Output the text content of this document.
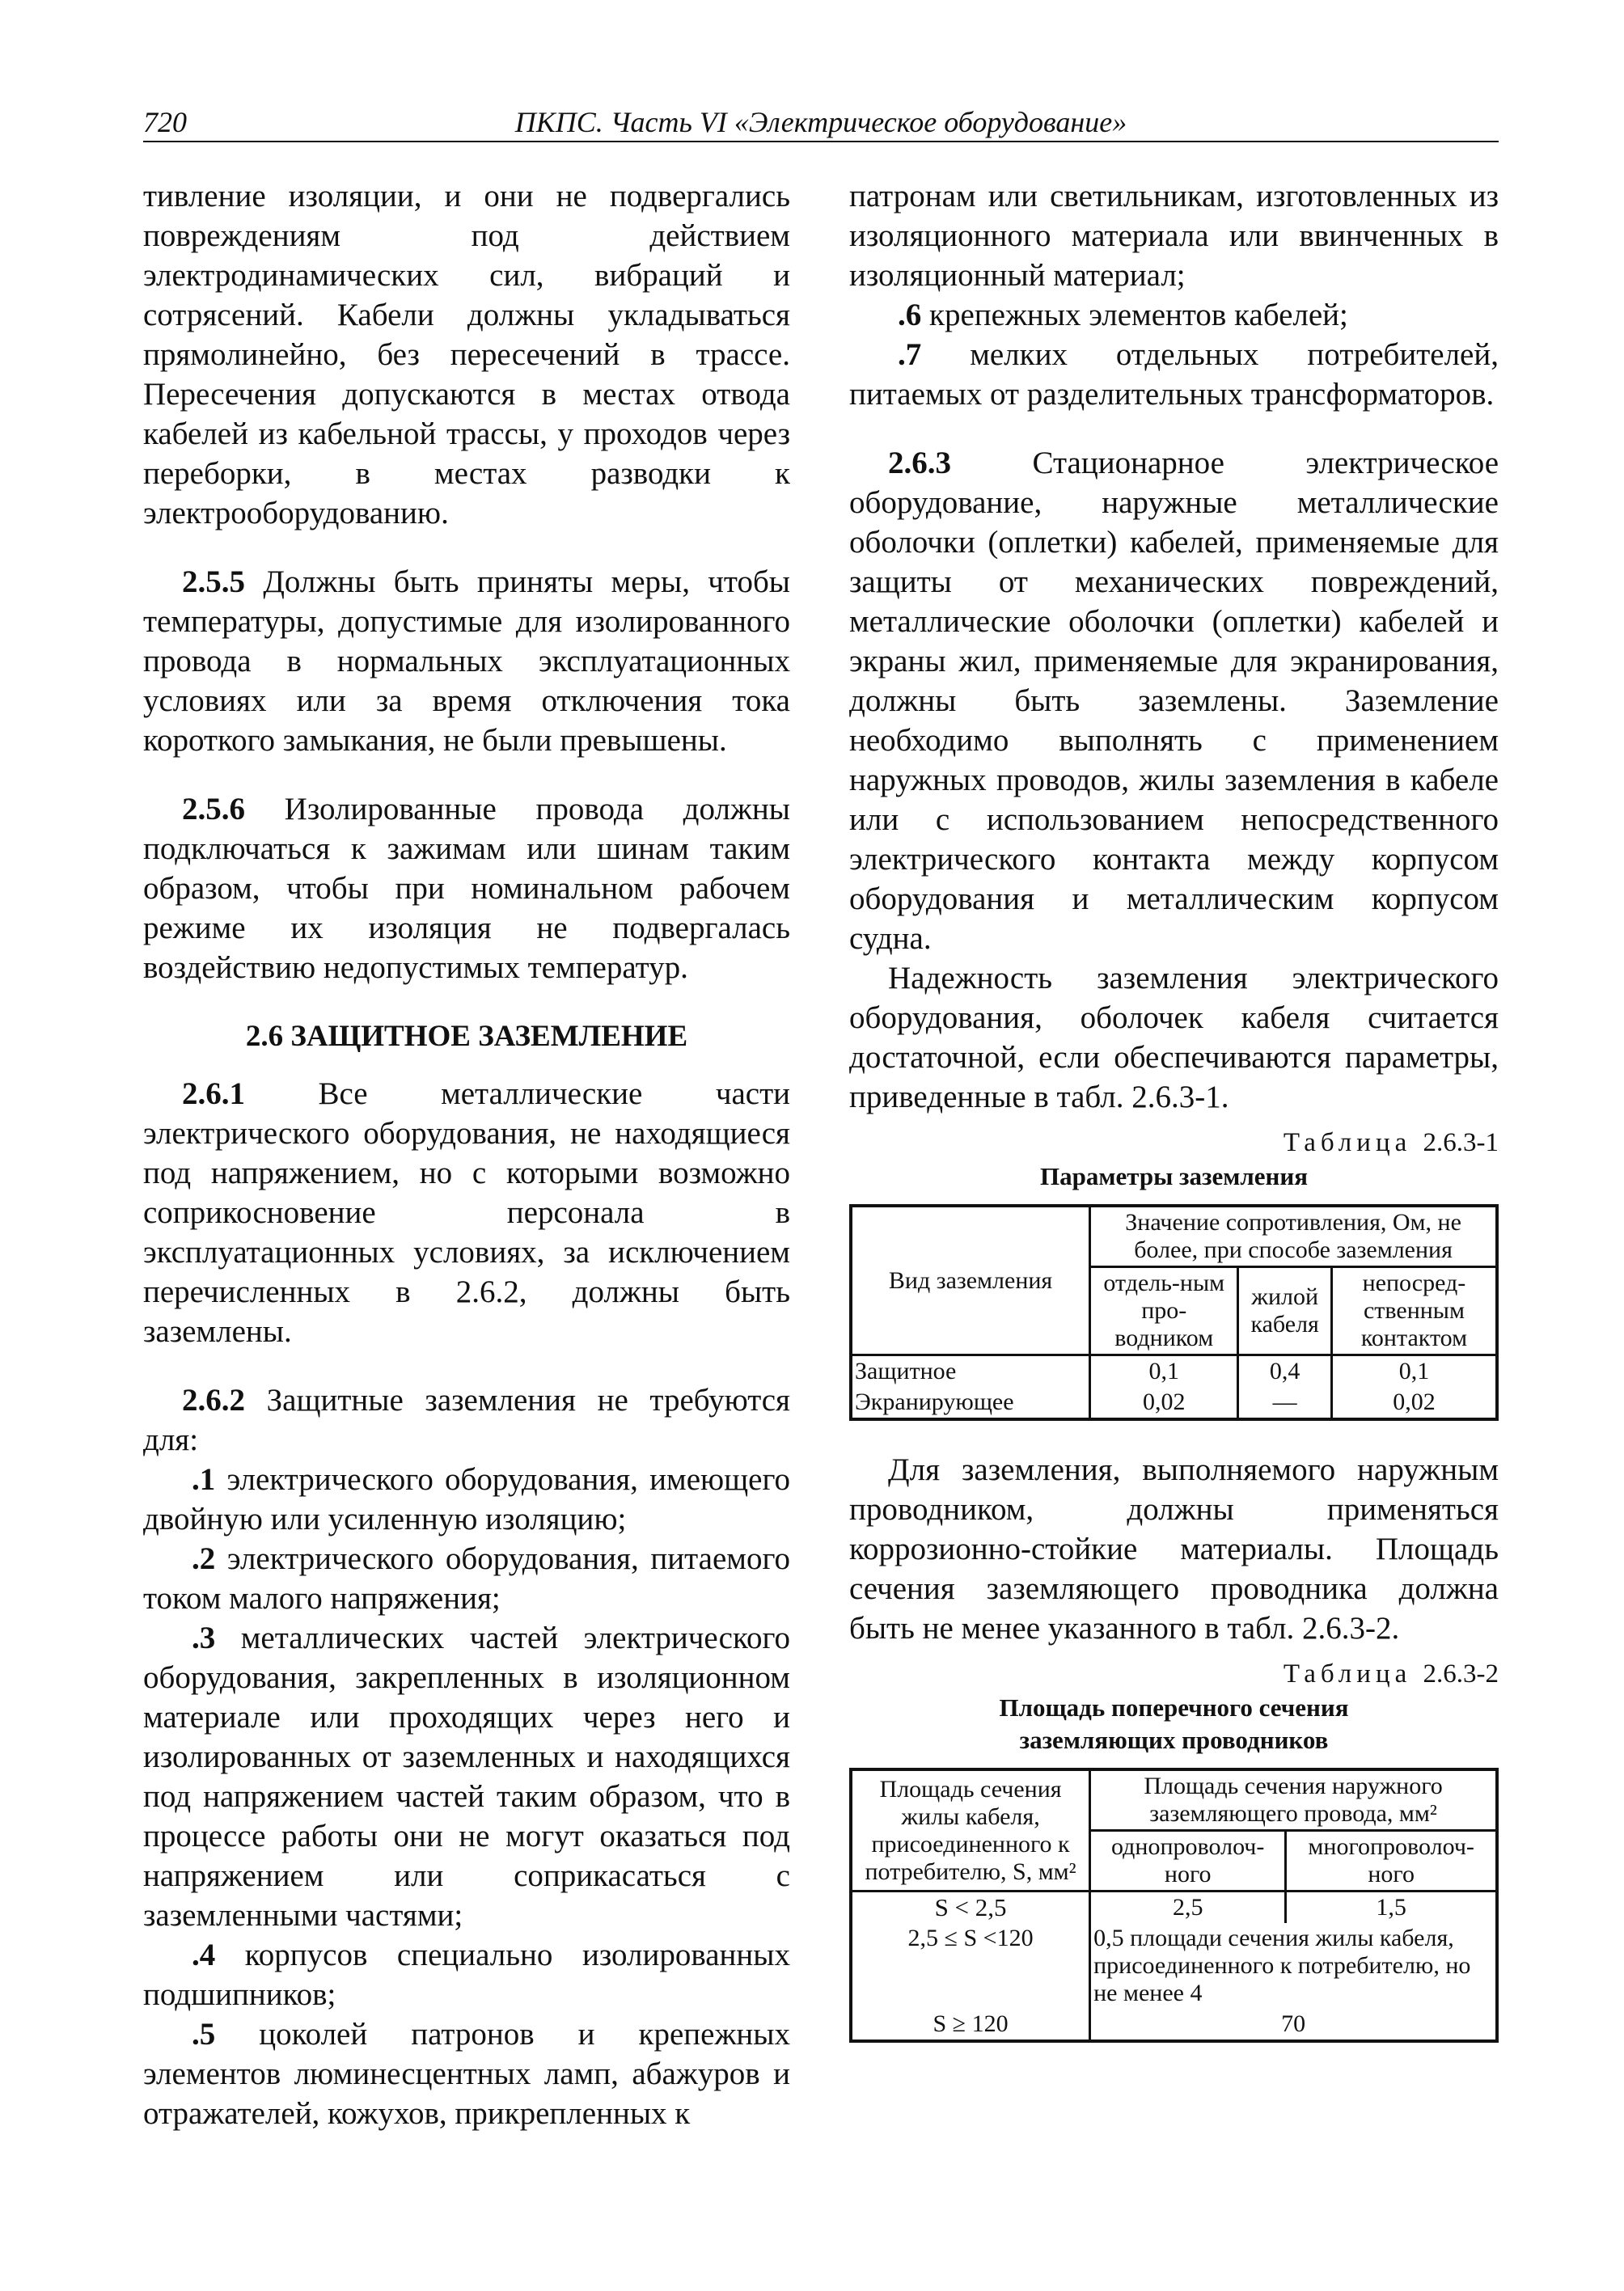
720	ПКПС. Часть VI «Электрическое оборудование»

тивление изоляции, и они не подвергались повреждениям под действием электродинамических сил, вибраций и сотрясений. Кабели должны укладываться прямолинейно, без пересечений в трассе. Пересечения допускаются в местах отвода кабелей из кабельной трассы, у проходов через переборки, в местах разводки к электрооборудованию.

2.5.5 Должны быть приняты меры, чтобы температуры, допустимые для изолированного провода в нормальных эксплуатационных условиях или за время отключения тока короткого замыкания, не были превышены.

2.5.6 Изолированные провода должны подключаться к зажимам или шинам таким образом, чтобы при номинальном рабочем режиме их изоляция не подвергалась воздействию недопустимых температур.

2.6 ЗАЩИТНОЕ ЗАЗЕМЛЕНИЕ

2.6.1 Все металлические части электрического оборудования, не находящиеся под напряжением, но с которыми возможно соприкосновение персонала в эксплуатационных условиях, за исключением перечисленных в 2.6.2, должны быть заземлены.

2.6.2 Защитные заземления не требуются для:

.1 электрического оборудования, имеющего двойную или усиленную изоляцию;

.2 электрического оборудования, питаемого током малого напряжения;

.3 металлических частей электрического оборудования, закрепленных в изоляционном материале или проходящих через него и изолированных от заземленных и находящихся под напряжением частей таким образом, что в процессе работы они не могут оказаться под напряжением или соприкасаться с заземленными частями;

.4 корпусов специально изолированных подшипников;

.5 цоколей патронов и крепежных элементов люминесцентных ламп, абажуров и отражателей, кожухов, прикрепленных к

патронам или светильникам, изготовленных из изоляционного материала или ввинченных в изоляционный материал;

.6 крепежных элементов кабелей;

.7 мелких отдельных потребителей, питаемых от разделительных трансформаторов.

2.6.3 Стационарное электрическое оборудование, наружные металлические оболочки (оплетки) кабелей, применяемые для защиты от механических повреждений, металлические оболочки (оплетки) кабелей и экраны жил, применяемые для экранирования, должны быть заземлены. Заземление необходимо выполнять с применением наружных проводов, жилы заземления в кабеле или с использованием непосредственного электрического контакта между корпусом оборудования и металлическим корпусом судна.

Надежность заземления электрического оборудования, оболочек кабеля считается достаточной, если обеспечиваются параметры, приведенные в табл. 2.6.3-1.

Таблица 2.6.3-1
Параметры заземления
Вид заземления	Значение сопротивления, Ом, не более, при способе заземления		
	отдель-ным про-водником	жилой кабеля	непосред-ственным контактом
Защитное	0,1	0,4	0,1
Экранирующее	0,02	—	0,02

Для заземления, выполняемого наружным проводником, должны применяться коррозионно-стойкие материалы. Площадь сечения заземляющего проводника должна быть не менее указанного в табл. 2.6.3-2.

Таблица 2.6.3-2
Площадь поперечного сечения заземляющих проводников
Площадь сечения жилы кабеля, присоединенного к потребителю, S, мм²	Площадь сечения наружного заземляющего провода, мм²	
	однопроволоч-ного	многопроволоч-ного
S < 2,5	2,5	1,5
2,5 ≤ S <120	0,5 площади сечения жилы кабеля, присоединенного к потребителю, но не менее 4	
S ≥ 120	70	
